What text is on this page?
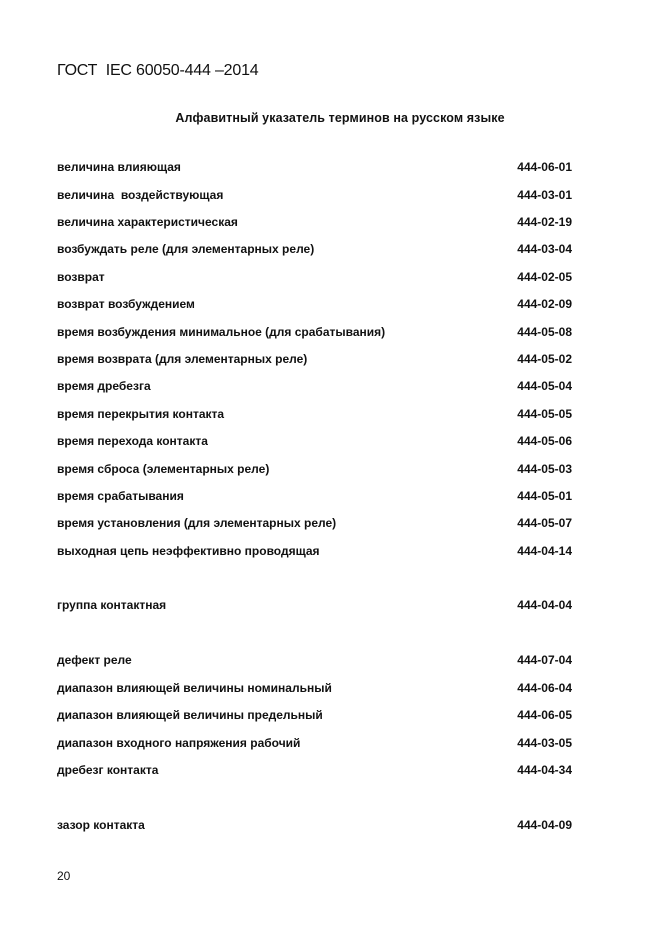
ГОСТ  IEC 60050-444 –2014
Алфавитный указатель терминов на русском языке
величина влияющая	444-06-01
величина  воздействующая	444-03-01
величина характеристическая	444-02-19
возбуждать реле (для элементарных реле)	444-03-04
возврат	444-02-05
возврат возбуждением	444-02-09
время возбуждения минимальное (для срабатывания)	444-05-08
время возврата (для элементарных реле)	444-05-02
время дребезга	444-05-04
время перекрытия контакта	444-05-05
время перехода контакта	444-05-06
время сброса (элементарных реле)	444-05-03
время срабатывания	444-05-01
время установления (для элементарных реле)	444-05-07
выходная цепь неэффективно проводящая	444-04-14
группа контактная	444-04-04
дефект реле	444-07-04
диапазон влияющей величины номинальный	444-06-04
диапазон влияющей величины предельный	444-06-05
диапазон входного напряжения рабочий	444-03-05
дребезг контакта	444-04-34
зазор контакта	444-04-09
20
